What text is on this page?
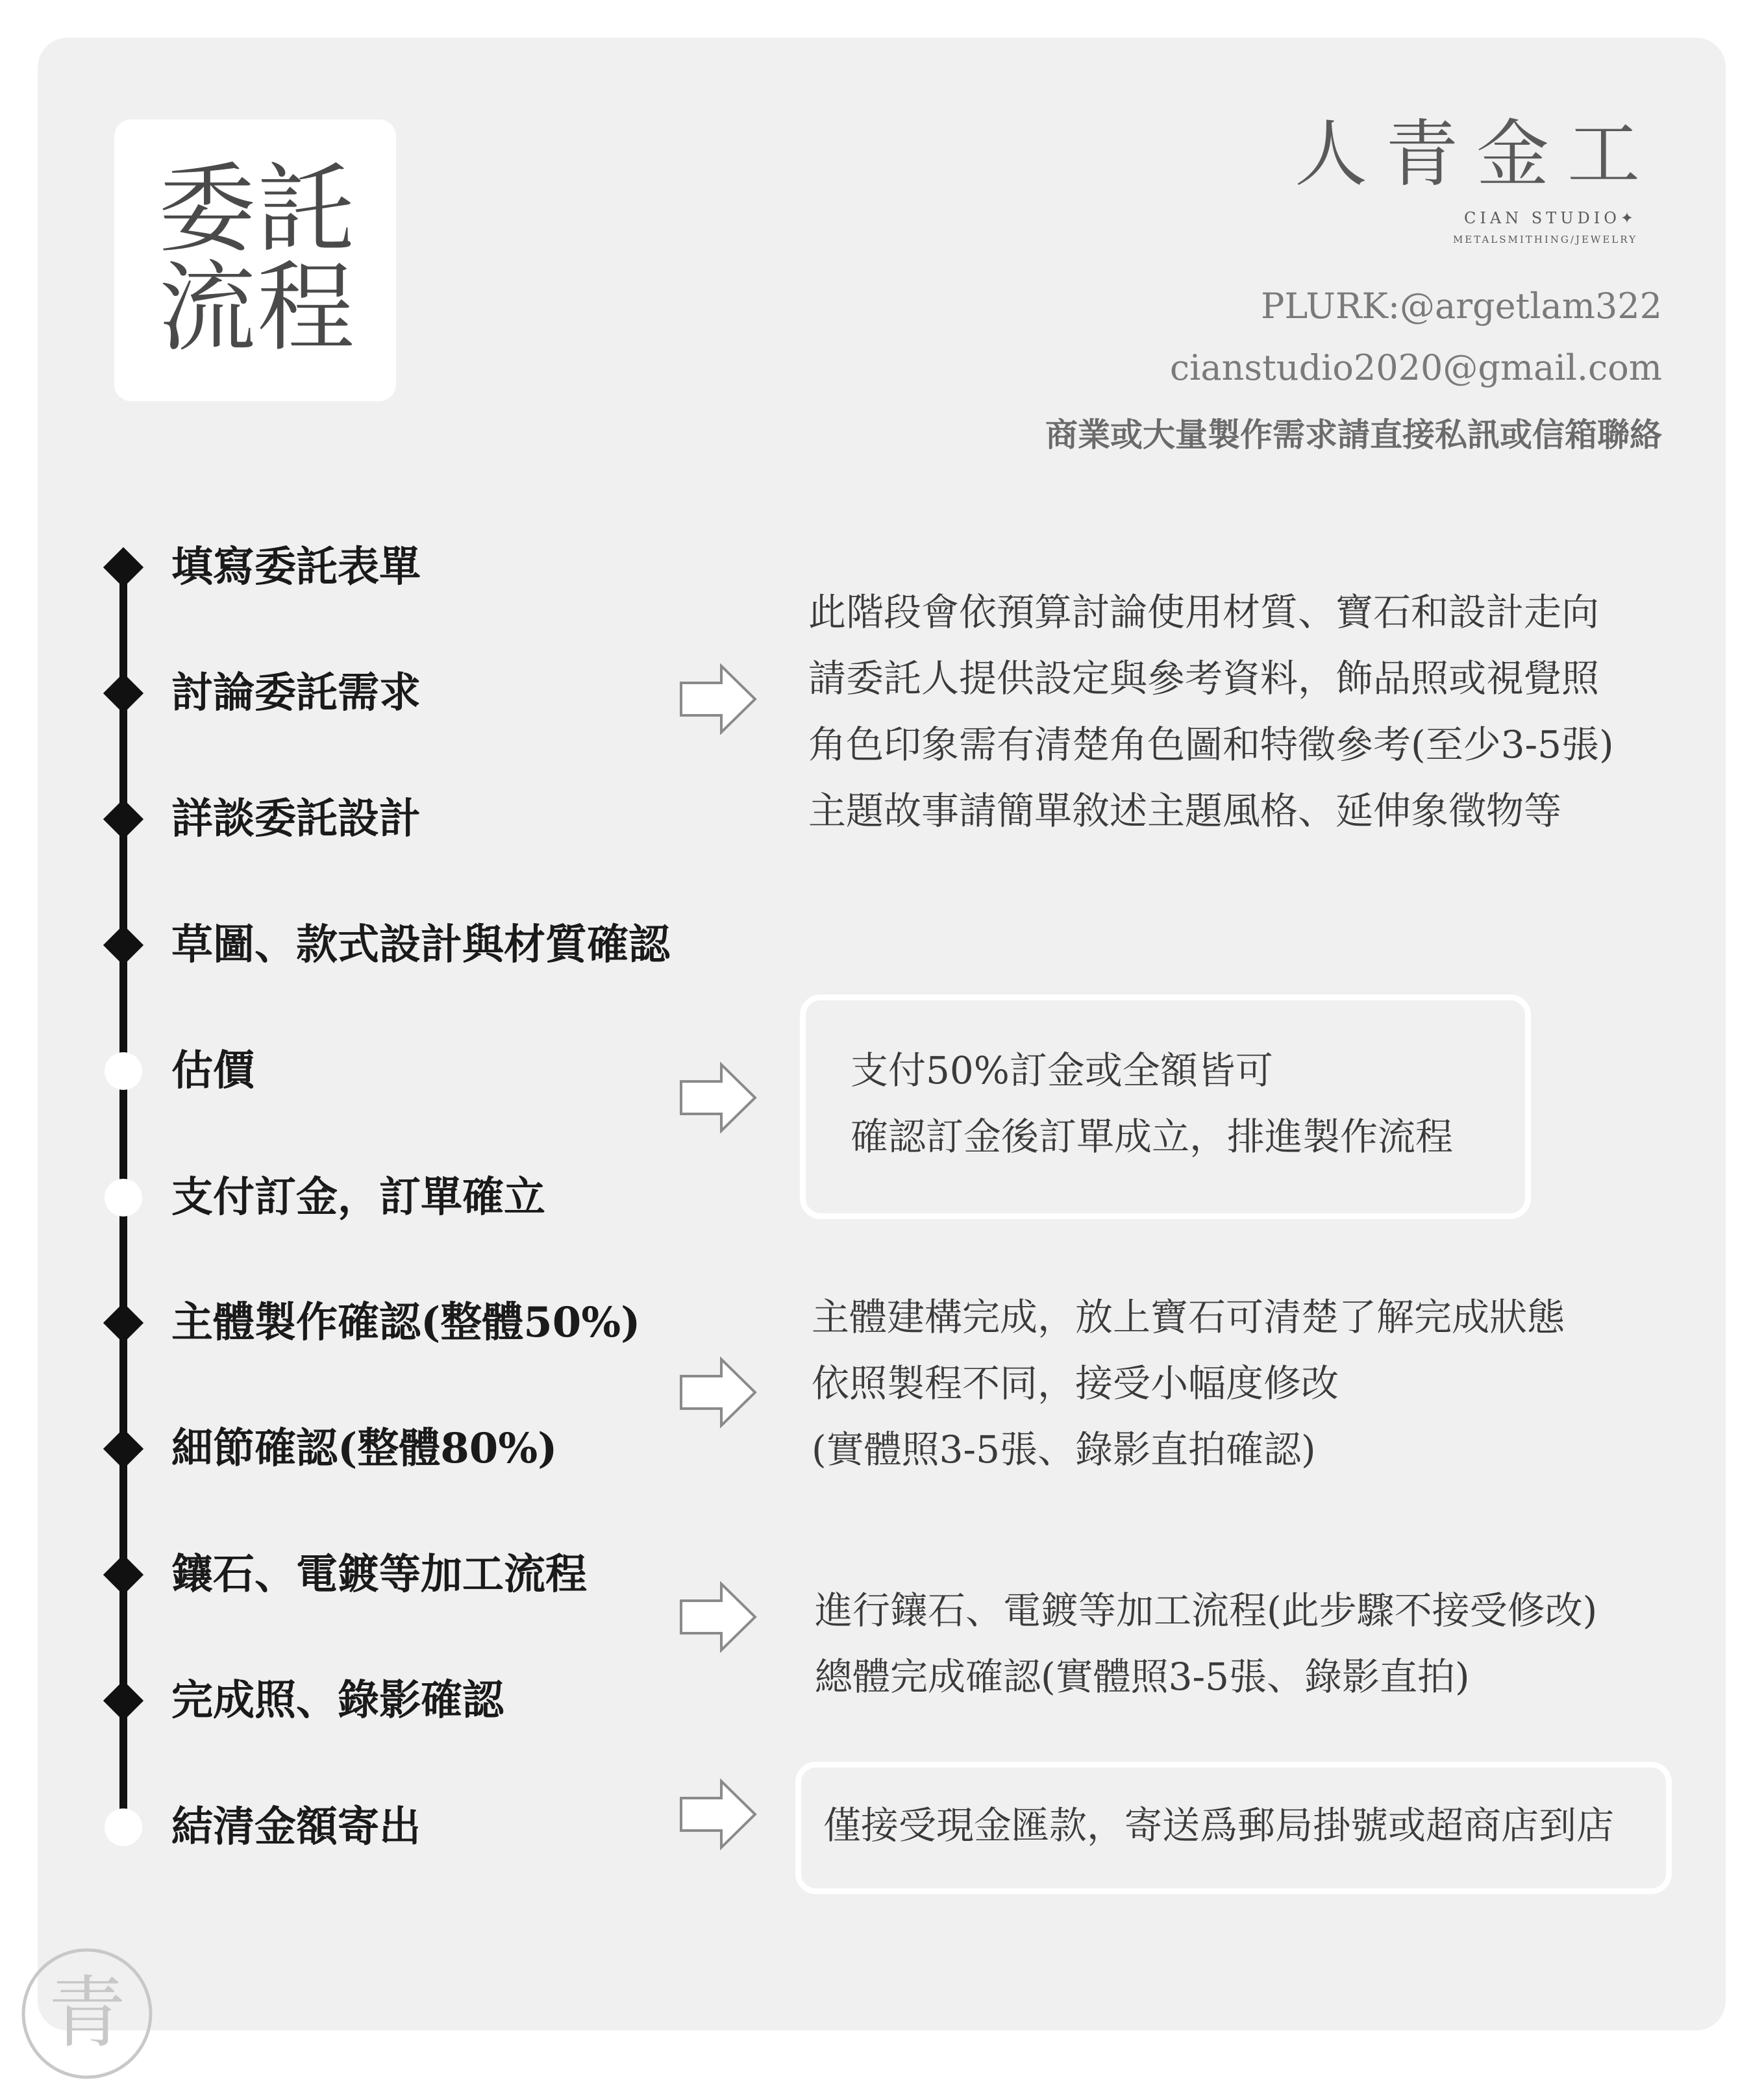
委託
流程
人青金工
CIAN STUDIO✦
METALSMITHING/JEWELRY
PLURK:@argetlam322
cianstudio2020@gmail.com
商業或大量製作需求請直接私訊或信箱聯絡
填寫委託表單
討論委託需求
詳談委託設計
草圖、款式設計與材質確認
估價
支付訂金，訂單確立
主體製作確認(整體50%)
細節確認(整體80%)
鑲石、電鍍等加工流程
完成照、錄影確認
結清金額寄出
此階段會依預算討論使用材質、寶石和設計走向
請委託人提供設定與參考資料，飾品照或視覺照
角色印象需有清楚角色圖和特徵參考(至少3-5張)
主題故事請簡單敘述主題風格、延伸象徵物等
支付50%訂金或全額皆可
確認訂金後訂單成立，排進製作流程
主體建構完成，放上寶石可清楚了解完成狀態
依照製程不同，接受小幅度修改
(實體照3-5張、錄影直拍確認)
進行鑲石、電鍍等加工流程(此步驟不接受修改)
總體完成確認(實體照3-5張、錄影直拍)
僅接受現金匯款，寄送爲郵局掛號或超商店到店
青
